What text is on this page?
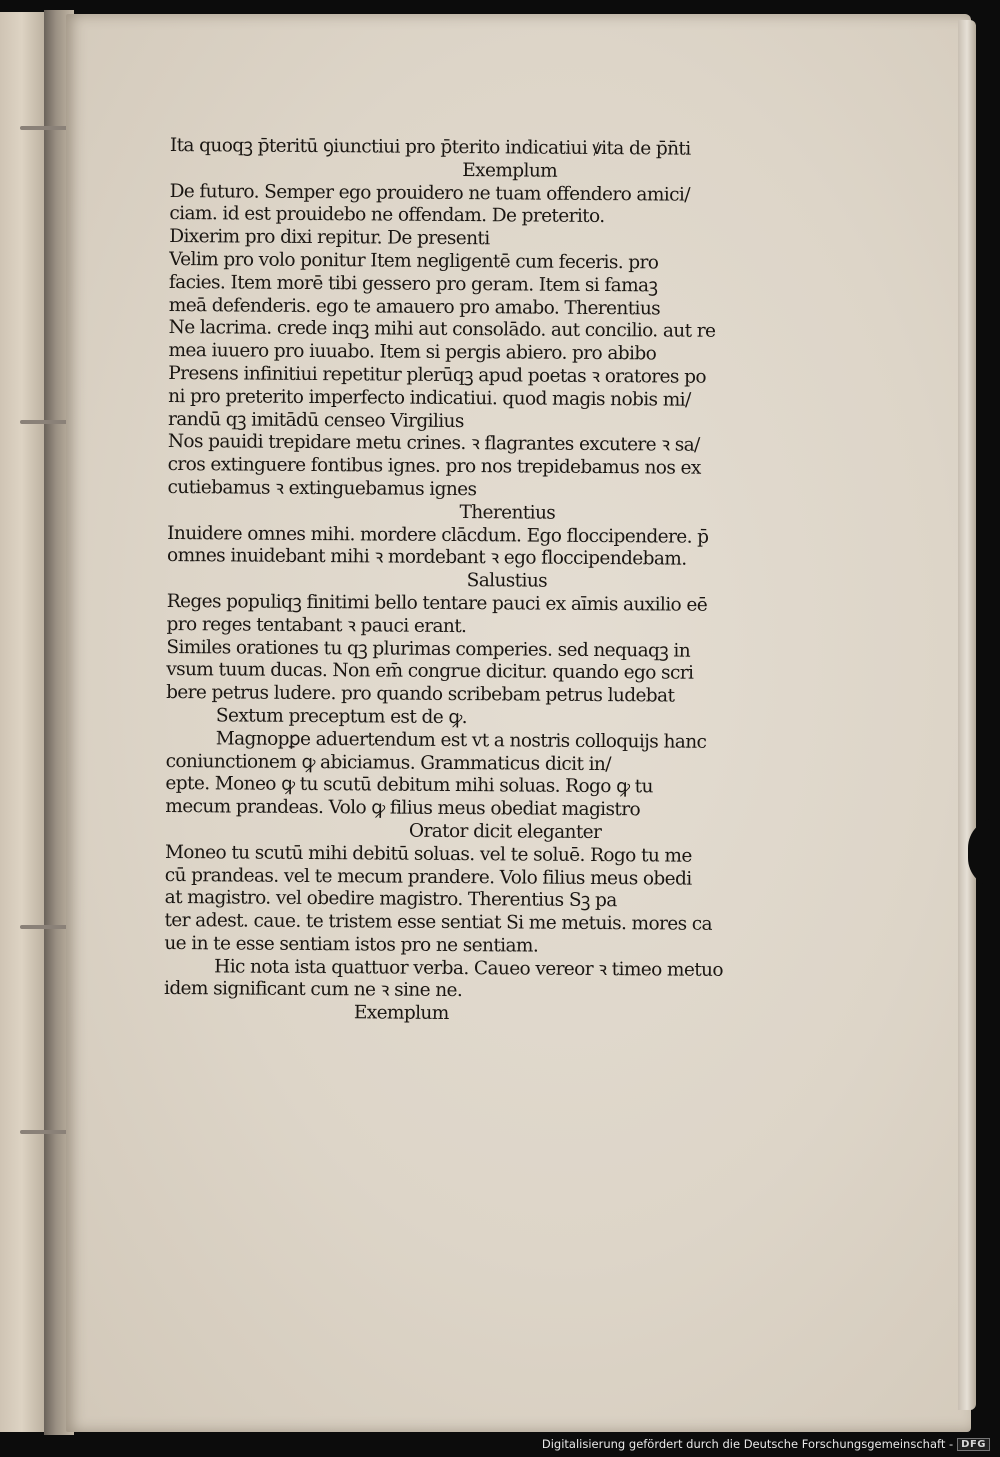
Ita quoqꝫ p̄teritū ꝯiunctiui pro p̄terito indicatiui ꝟita de p̄n̄ti
Exemplum
De futuro. Semper ego prouidero ne tuam offendero amici/
ciam. id est prouidebo ne offendam. De preterito.
Dixerim pro dixi repitur. De presenti
Velim pro volo ponitur Item negligentē cum feceris. pro
facies. Item morē tibi gessero pro geram. Item si famaꝫ
meā defenderis. ego te amauero pro amabo. Therentius
Ne lacrima. crede inqꝫ mihi aut consolādo. aut concilio. aut re
mea iuuero pro iuuabo. Item si pergis abiero. pro abibo
Presens infinitiui repetitur plerūqꝫ apud poetas ꝛ oratores po
ni pro preterito imperfecto indicatiui. quod magis nobis mi/
randū qꝫ imitādū censeo Virgilius
Nos pauidi trepidare metu crines. ꝛ flagrantes excutere ꝛ sa/
cros extinguere fontibus ignes. pro nos trepidebamus nos ex
cutiebamus ꝛ extinguebamus ignes
Therentius
Inuidere omnes mihi. mordere clācdum. Ego floccipendere. p̄
omnes inuidebant mihi ꝛ mordebant ꝛ ego floccipendebam.
Salustius
Reges populiqꝫ finitimi bello tentare pauci ex aīmis auxilio eē
pro reges tentabant ꝛ pauci erant.
Similes orationes tu qꝫ plurimas comperies. sed nequaqꝫ in
vsum tuum ducas. Non em̄ congrue dicitur. quando ego scri
bere petrus ludere. pro quando scribebam petrus ludebat
Sextum preceptum est de ꝙ.
Magnopꝑe aduertendum est vt a nostris colloquijs hanc
coniunctionem ꝙ abiciamus. Grammaticus dicit in/
epte. Moneo ꝙ tu scutū debitum mihi soluas. Rogo ꝙ tu
mecum prandeas. Volo ꝙ filius meus obediat magistro
Orator dicit eleganter
Moneo tu scutū mihi debitū soluas. vel te soluē. Rogo tu me
cū prandeas. vel te mecum prandere. Volo filius meus obedi
at magistro. vel obedire magistro. Therentius Sꝫ pa
ter adest. caue. te tristem esse sentiat Si me metuis. mores ca
ue in te esse sentiam istos pro ne sentiam.
Hic nota ista quattuor verba. Caueo vereor ꝛ timeo metuo
idem significant cum ne ꝛ sine ne.
Exemplum
Digitalisierung gefördert durch die Deutsche Forschungsgemeinschaft - DFG
